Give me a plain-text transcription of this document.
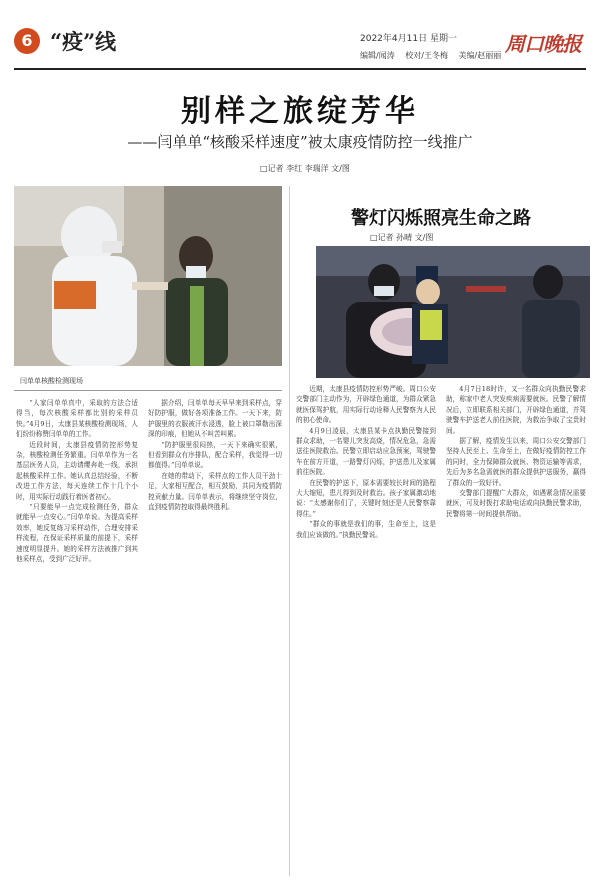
6 “疫”线	2022年4月11日 星期一 周口晚报
编辑/闻涛 校对/王冬梅 美编/赵丽丽
别样之旅绽芳华
——闫单单“核酸采样速度”被太康疫情防控一线推广
□记者 李红 李瑞洋 文/图
闫单单核酸检测现场
警灯闪烁照亮生命之路
□记者 孙晴 文/图

“人家闫单单真中，采取的方法合适得当，每次核酸采样都比别的采样员快。”4月9日，太康县某核酸检测现场，人们纷纷称赞闫单单的工作。

近段时间，太康县疫情防控形势复杂，核酸检测任务繁重。闫单单作为一名基层医务人员，主动请缨奔赴一线，承担起核酸采样工作。她认真总结经验，不断改进工作方法，每天连续工作十几个小时，用实际行动践行着医者初心。

“只要能早一点完成检测任务，群众就能早一点安心。”闫单单说。为提高采样效率，她反复练习采样动作，合理安排采样流程，在保证采样质量的前提下，采样速度明显提升。她的采样方法被推广到其他采样点，受到广泛好评。

据介绍，闫单单每天早早来到采样点，穿好防护服，做好各项准备工作。一天下来，防护服里的衣服被汗水浸透，脸上被口罩勒出深深的印痕，但她从不叫苦叫累。

“防护服里很闷热，一天下来确实很累，但看到群众有序排队，配合采样，我觉得一切都值得。”闫单单说。

在她的带动下，采样点的工作人员干劲十足，大家相互配合，相互鼓励，共同为疫情防控贡献力量。闫单单表示，将继续坚守岗位，直到疫情防控取得最终胜利。

近期，太康县疫情防控形势严峻。周口公安交警部门主动作为，开辟绿色通道，为群众紧急就医保驾护航，用实际行动诠释人民警察为人民的初心使命。

4月9日凌晨，太康县某卡点执勤民警接到群众求助，一名婴儿突发高烧，情况危急，急需送往医院救治。民警立即启动应急预案，驾驶警车在前方开道，一路警灯闪烁，护送患儿及家属前往医院。

在民警的护送下，原本需要较长时间的路程大大缩短，患儿得到及时救治。孩子家属激动地说：“太感谢你们了，关键时刻还是人民警察靠得住。”

“群众的事就是我们的事，生命至上，这是我们应该做的。”执勤民警说。

4月7日18时许，又一名群众向执勤民警求助，称家中老人突发疾病需要就医。民警了解情况后，立即联系相关部门，开辟绿色通道，并驾驶警车护送老人前往医院，为救治争取了宝贵时间。

据了解，疫情发生以来，周口公安交警部门坚持人民至上、生命至上，在做好疫情防控工作的同时，全力保障群众就医、物资运输等需求，先后为多名急需就医的群众提供护送服务，赢得了群众的一致好评。

交警部门提醒广大群众，如遇紧急情况需要就医，可及时拨打求助电话或向执勤民警求助，民警将第一时间提供帮助。
